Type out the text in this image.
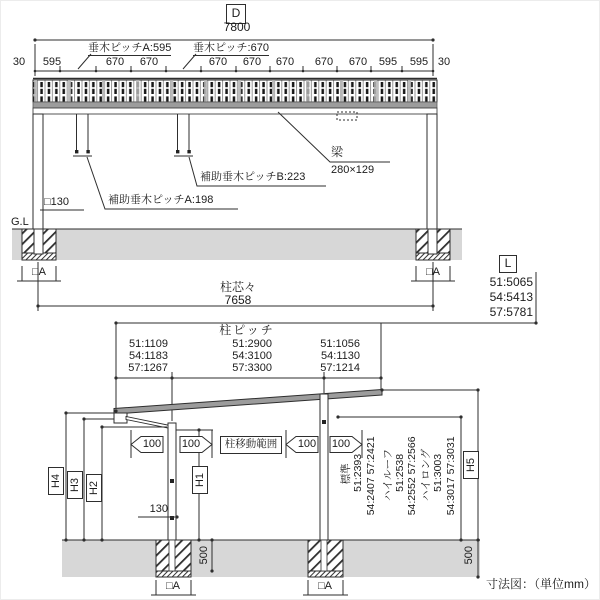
D
7800
垂木ピッチA:595 垂木ピッチ:670
30	595	670	670	670	670	670	670	670	595	595 30
補助垂木ピッチB:223
補助垂木ピッチA:198
梁
280×129
□130
G.L
□A	□A
柱芯々
7658
L
51:5065
54:5413
57:5781
柱ピッチ
51:1109
54:1183
57:1267
51:2900
54:3100
57:3300
51:1056
54:1130
57:1214
100 100	100 100
柱移動範囲
H4 H3 H2
H1
H5
130
標準 51:2393 54:2407 57:2421 ハイルーフ 51:2538 54:2552 57:2566 ハイロング 51:3003 54:3017 57:3031
500	500
□A	□A	寸法図：（単位mm）
